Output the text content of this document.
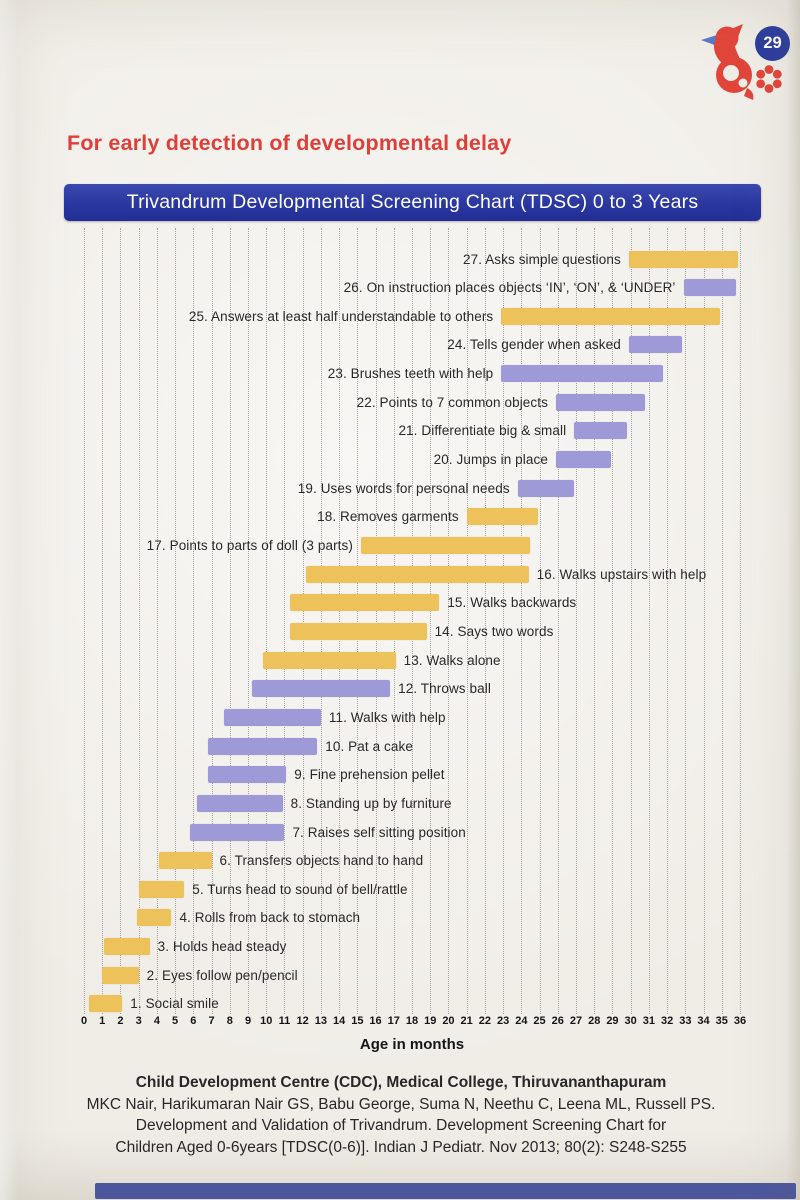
29
For early detection of developmental delay
Trivandrum Developmental Screening Chart (TDSC) 0 to 3 Years
Age in months
0 1 2 3 4 5 6 7 8 9 10 11 12 13 14 15 16 17 18 19 20 21 22 23 24 25 26 27 28 29 30 31 32 33 34 35 36
1. Social smile
2. Eyes follow pen/pencil
3. Holds head steady
4. Rolls from back to stomach
5. Turns head to sound of bell/rattle
6. Transfers objects hand to hand
7. Raises self sitting position
8. Standing up by furniture
9. Fine prehension pellet
10. Pat a cake
11. Walks with help
12. Throws ball
13. Walks alone
14. Says two words
15. Walks backwards
16. Walks upstairs with help
17. Points to parts of doll (3 parts)
18. Removes garments
19. Uses words for personal needs
20. Jumps in place
21. Differentiate big & small
22. Points to 7 common objects
23. Brushes teeth with help
24. Tells gender when asked
25. Answers at least half understandable to others
26. On instruction places objects ‘IN’, ‘ON’, & ‘UNDER’
27. Asks simple questions
Child Development Centre (CDC), Medical College, Thiruvananthapuram
MKC Nair, Harikumaran Nair GS, Babu George, Suma N, Neethu C, Leena ML, Russell PS.
Development and Validation of Trivandrum. Development Screening Chart for
Children Aged 0-6years [TDSC(0-6)]. Indian J Pediatr. Nov 2013; 80(2): S248-S255
